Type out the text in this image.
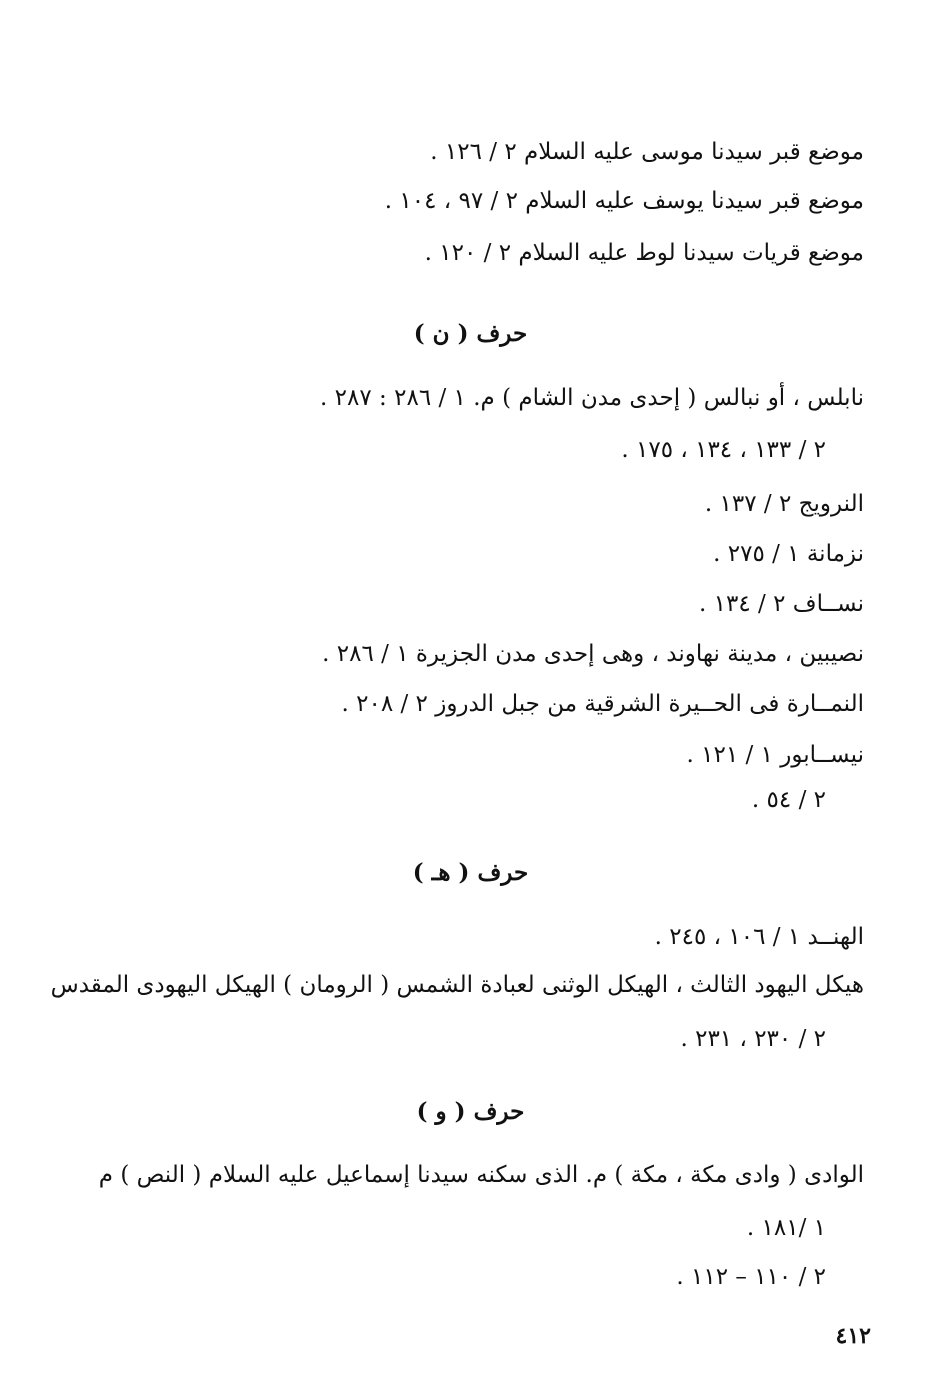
موضع قبر سيدنا موسى عليه السلام ٢ / ١٢٦ .
موضع قبر سيدنا يوسف عليه السلام ٢ / ٩٧ ، ١٠٤ .
موضع قريات سيدنا لوط عليه السلام ٢ / ١٢٠ .
حرف ( ن )
نابلس ، أو نبالس ( إحدى مدن الشام ) م. ١ / ٢٨٦ : ٢٨٧ .
٢ / ١٣٣ ، ١٣٤ ، ١٧٥ .
النرويج ٢ / ١٣٧ .
نزمانة ١ / ٢٧٥ .
نســاف ٢ / ١٣٤ .
نصيبين ، مدينة نهاوند ، وهى إحدى مدن الجزيرة ١ / ٢٨٦ .
النمــارة فى الحــيرة الشرقية من جبل الدروز ٢ / ٢٠٨ .
نيســابور ١ / ١٢١ .
٢ / ٥٤ .
حرف ( هـ )
الهنــد ١ / ١٠٦ ، ٢٤٥ .
هيكل اليهود الثالث ، الهيكل الوثنى لعبادة الشمس ( الرومان ) الهيكل اليهودى المقدس
٢ / ٢٣٠ ، ٢٣١ .
حرف ( و )
الوادى ( وادى مكة ، مكة ) م. الذى سكنه سيدنا إسماعيل عليه السلام ( النص ) م
١ /١٨١ .
٢ / ١١٠ – ١١٢ .
٤١٢
